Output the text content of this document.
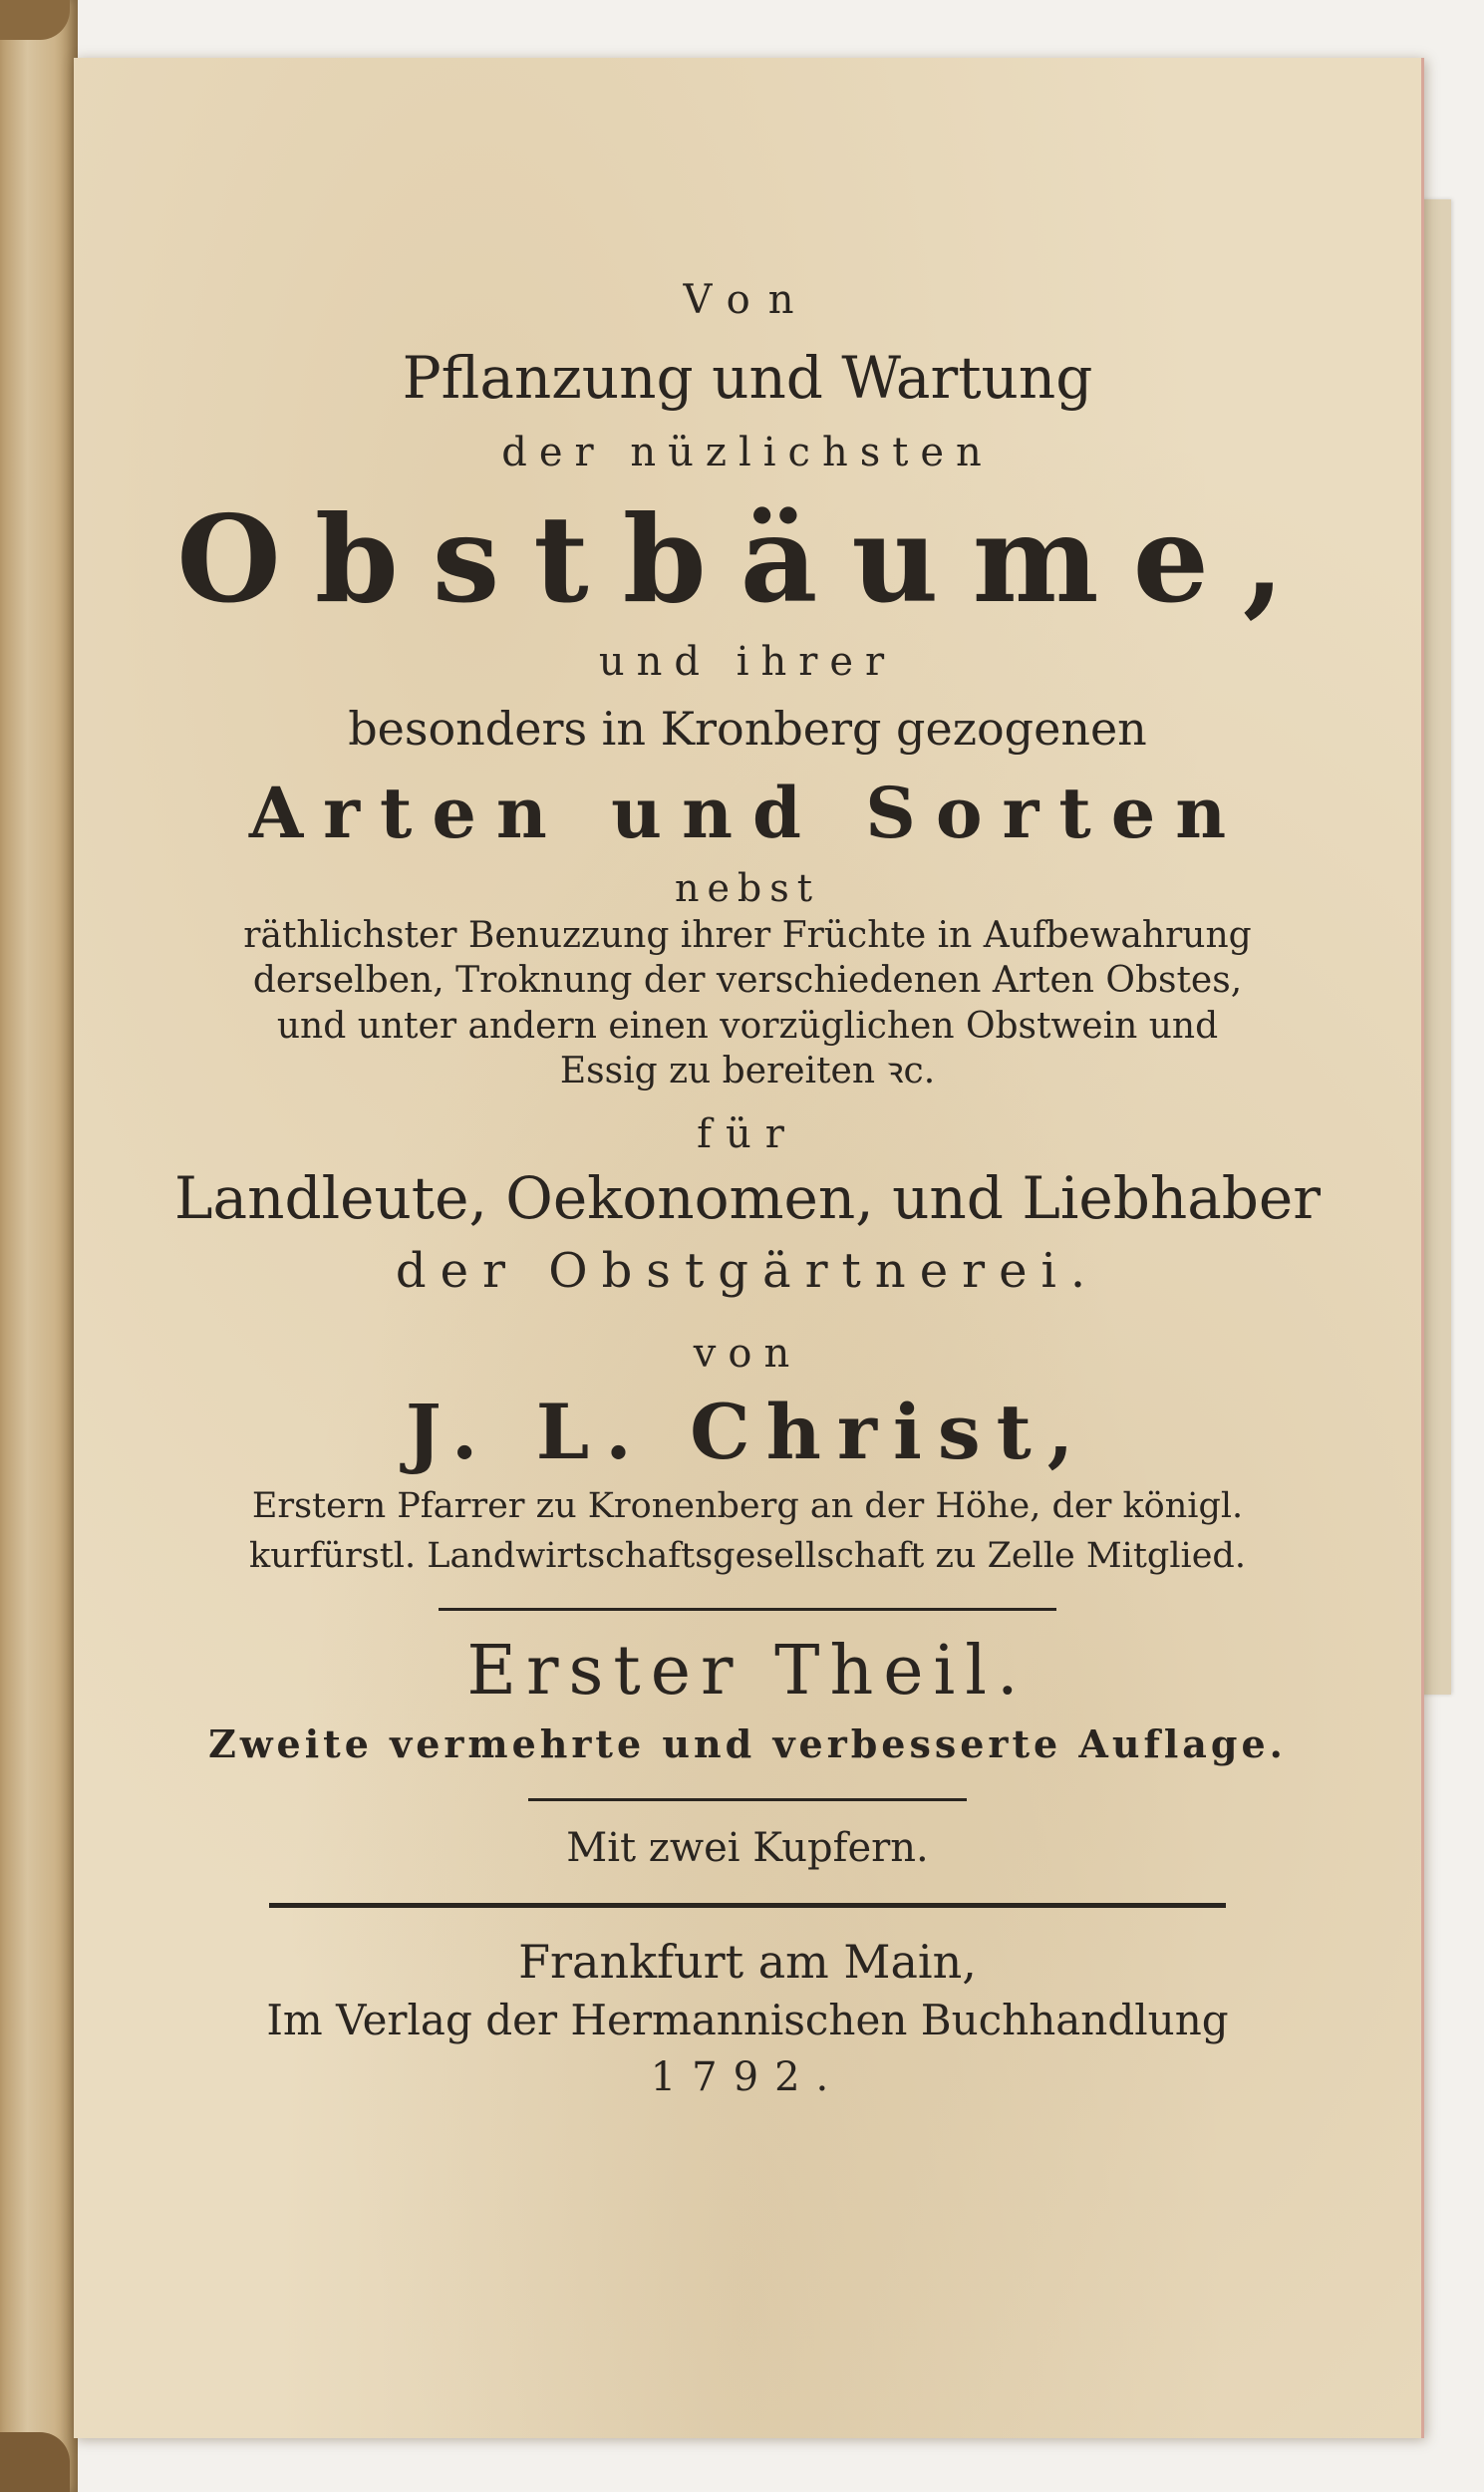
Von
Pflanzung und Wartung
der nüzlichsten
Obstbäume,
und ihrer
besonders in Kronberg gezogenen
Arten und Sorten
nebst
räthlichster Benuzzung ihrer Früchte in Aufbewahrung
derselben, Troknung der verschiedenen Arten Obstes,
und unter andern einen vorzüglichen Obstwein und
Essig zu bereiten ꝛc.
für
Landleute, Oekonomen, und Liebhaber
der Obstgärtnerei.
von
J. L. Christ,
Erstern Pfarrer zu Kronenberg an der Höhe, der königl.
kurfürstl. Landwirtschaftsgesellschaft zu Zelle Mitglied.
Erster Theil.
Zweite vermehrte und verbesserte Auflage.
Mit zwei Kupfern.
Frankfurt am Main,
Im Verlag der Hermannischen Buchhandlung
1792.
